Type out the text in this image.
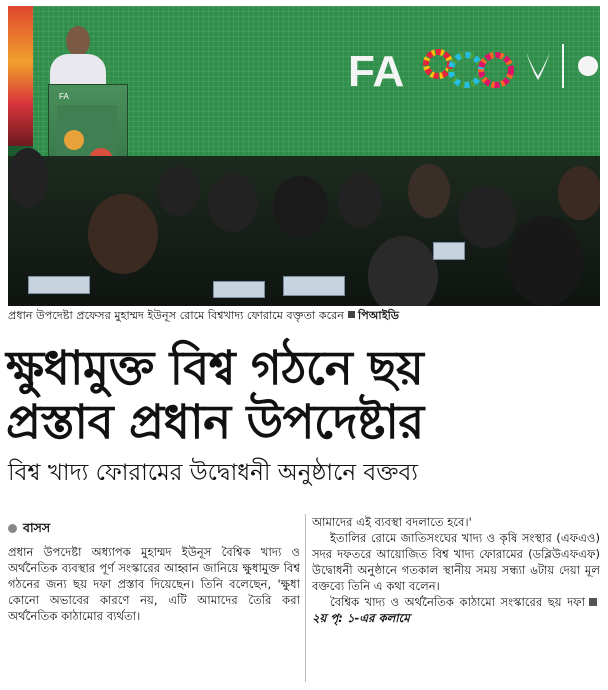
FA
FA
প্রধান উপদেষ্টা প্রফেসর মুহাম্মদ ইউনূস রোমে বিশ্বখাদ্য ফোরামে বক্তৃতা করেন পিআইডি
ক্ষুধামুক্ত বিশ্ব গঠনে ছয়
প্রস্তাব প্রধান উপদেষ্টার
বিশ্ব খাদ্য ফোরামের উদ্বোধনী অনুষ্ঠানে বক্তব্য
বাসস

প্রধান উপদেষ্টা অধ্যাপক মুহাম্মদ ইউনূস বৈশ্বিক খাদ্য ও অর্থনৈতিক ব্যবস্থার পূর্ণ সংস্কারের আহ্বান জানিয়ে ক্ষুধামুক্ত বিশ্ব গঠনের জন্য ছয় দফা প্রস্তাব দিয়েছেন। তিনি বলেছেন, 'ক্ষুধা কোনো অভাবের কারণে নয়, এটি আমাদের তৈরি করা অর্থনৈতিক কাঠামোর ব্যর্থতা।

আমাদের এই ব্যবস্থা বদলাতে হবে।'

ইতালির রোমে জাতিসংঘের খাদ্য ও কৃষি সংস্থার (এফএও) সদর দফতরে আয়োজিত বিশ্ব খাদ্য ফোরামের (ডব্লিউএফএফ) উদ্বোধনী অনুষ্ঠানে গতকাল স্থানীয় সময় সন্ধ্যা ৬টায় দেয়া মূল বক্তব্যে তিনি এ কথা বলেন।

বৈশ্বিক খাদ্য ও অর্থনৈতিক কাঠামো সংস্কারের ছয় দফা২য় পৃ: ১-এর কলামে
